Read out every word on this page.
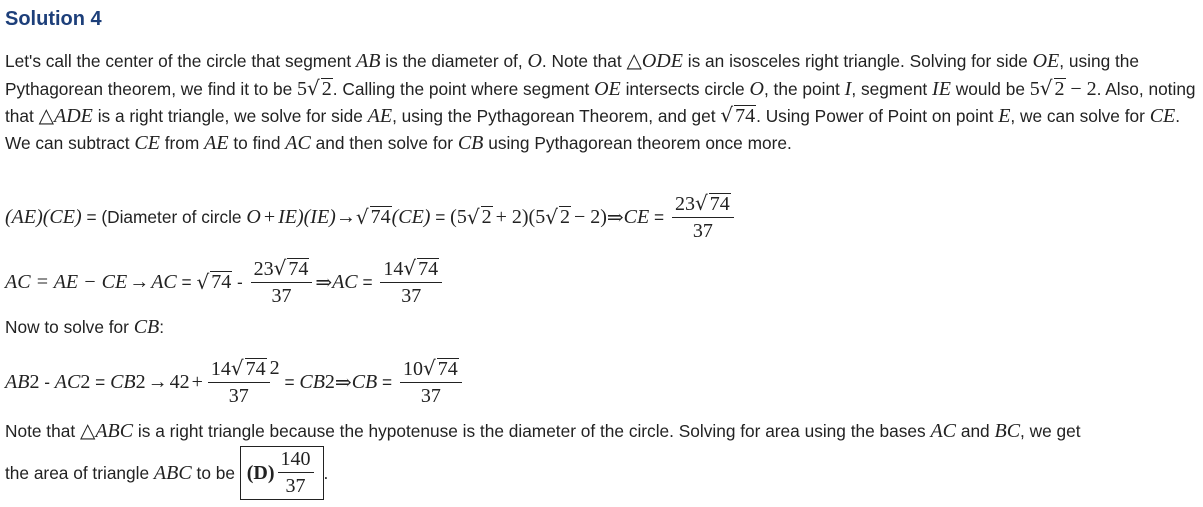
Solution 4
Let's call the center of the circle that segment AB is the diameter of, O. Note that △ODE is an isosceles right triangle. Solving for side OE, using the Pythagorean theorem, we find it to be 5√ 2. Calling the point where segment OE intersects circle O, the point I, segment IE would be 5√ 2 − 2. Also, noting that △ADE is a right triangle, we solve for side AE, using the Pythagorean Theorem, and get √ 74. Using Power of Point on point E, we can solve for CE. We can subtract CE from AE to find AC and then solve for CB using Pythagorean theorem once more.
(AE)(CE) = (Diameter of circle
O + IE)(IE) → √ 74 (CE) = (5 √ 2 + 2)(5 √ 2 − 2) ⇒ CE = $\frac{23√ 74}{37}$
AC = AE − CE → AC = √ $74 - \frac{23√ 74}{37}$ ⇒ AC = $\frac{14√ 74}{37}$
Now to solve for CB:
AB 2 - AC 2 = CB 2 → 4 $2 + \frac{14√ 74}{37}^2$
= CB 2 ⇒ CB = $\frac{10√ 74}{37}$
Note that △ABC is a right triangle because the hypotenuse is the diameter of the circle. Solving for area using the bases AC and BC, we get
the area of triangle
ABC
to be
$(D) \frac{140}{37}$ .
